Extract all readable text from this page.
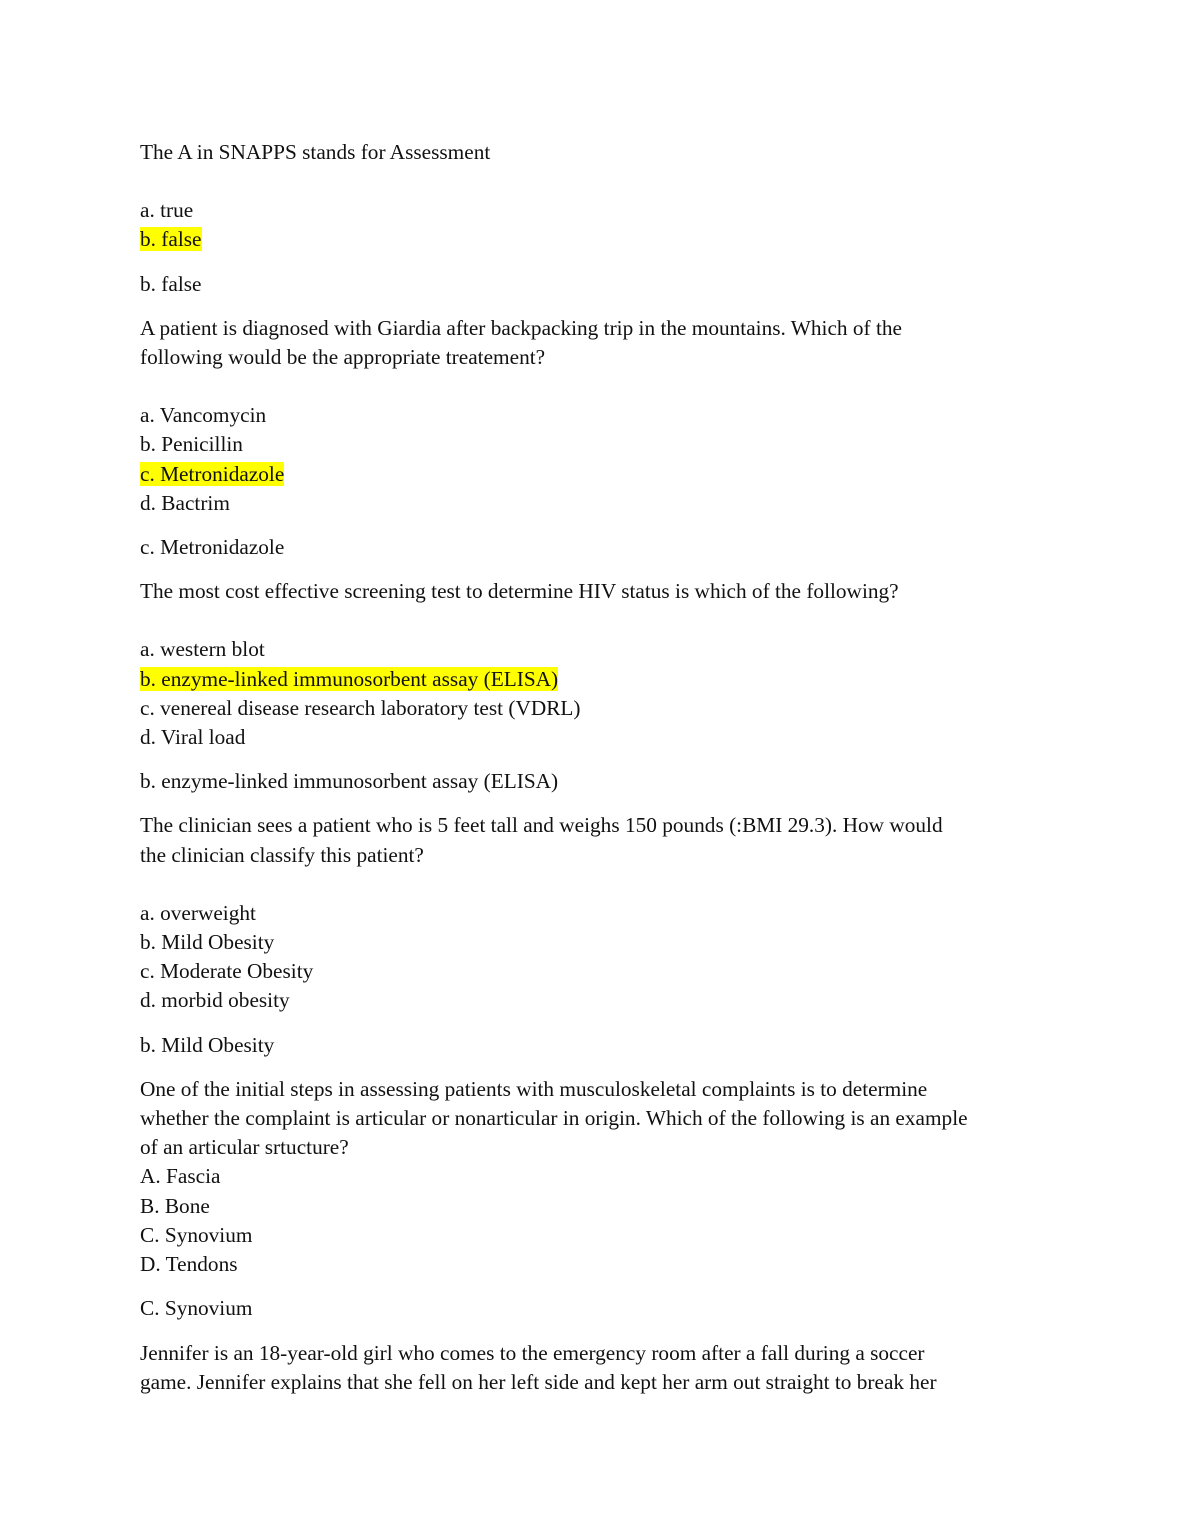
The A in SNAPPS stands for Assessment
a. true
b. false
b. false
A patient is diagnosed with Giardia after backpacking trip in the mountains. Which of the
following would be the appropriate treatement?
a. Vancomycin
b. Penicillin
c. Metronidazole
d. Bactrim
c. Metronidazole
The most cost effective screening test to determine HIV status is which of the following?
a. western blot
b. enzyme-linked immunosorbent assay (ELISA)
c. venereal disease research laboratory test (VDRL)
d. Viral load
b. enzyme-linked immunosorbent assay (ELISA)
The clinician sees a patient who is 5 feet tall and weighs 150 pounds (:BMI 29.3). How would
the clinician classify this patient?
a. overweight
b. Mild Obesity
c. Moderate Obesity
d. morbid obesity
b. Mild Obesity
One of the initial steps in assessing patients with musculoskeletal complaints is to determine
whether the complaint is articular or nonarticular in origin. Which of the following is an example
of an articular srtucture?
A. Fascia
B. Bone
C. Synovium
D. Tendons
C. Synovium
Jennifer is an 18-year-old girl who comes to the emergency room after a fall during a soccer
game. Jennifer explains that she fell on her left side and kept her arm out straight to break her
